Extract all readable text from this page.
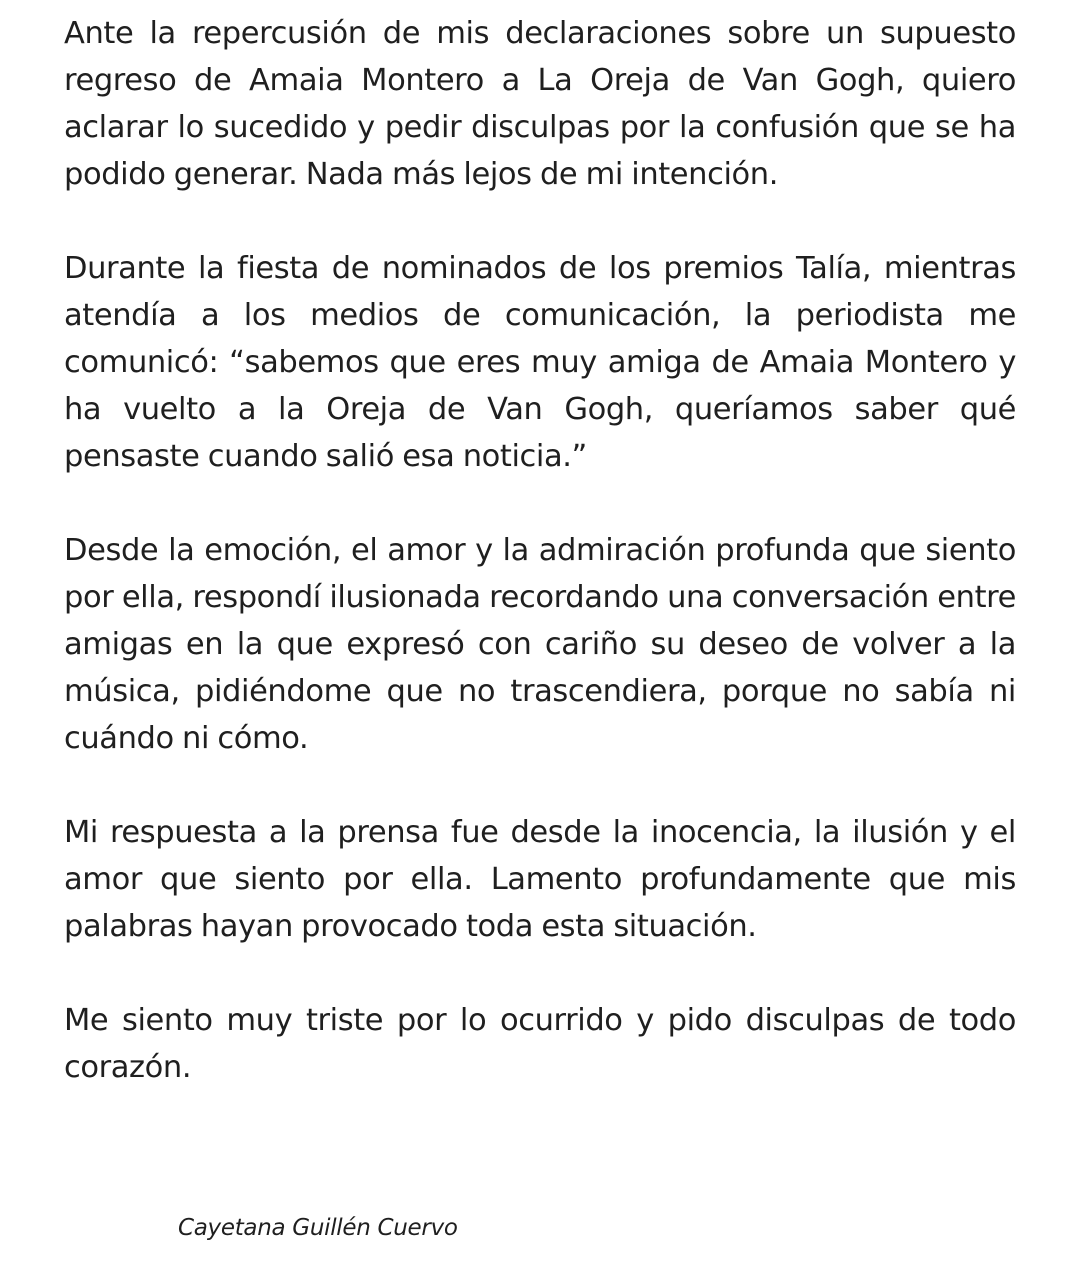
Ante la repercusión de mis declaraciones sobre un supuesto regreso de Amaia Montero a La Oreja de Van Gogh, quiero aclarar lo sucedido y pedir disculpas por la confusión que se ha podido generar. Nada más lejos de mi intención.

Durante la fiesta de nominados de los premios Talía, mientras atendía a los medios de comunicación, la periodista me comunicó: “sabemos que eres muy amiga de Amaia Montero y ha vuelto a la Oreja de Van Gogh, queríamos saber qué pensaste cuando salió esa noticia.”

Desde la emoción, el amor y la admiración profunda que siento por ella, respondí ilusionada recordando una conversación entre amigas en la que expresó con cariño su deseo de volver a la música, pidiéndome que no trascendiera, porque no sabía ni cuándo ni cómo.

Mi respuesta a la prensa fue desde la inocencia, la ilusión y el amor que siento por ella. Lamento profundamente que mis palabras hayan provocado toda esta situación.

Me siento muy triste por lo ocurrido y pido disculpas de todo corazón.

Cayetana Guillén Cuervo
